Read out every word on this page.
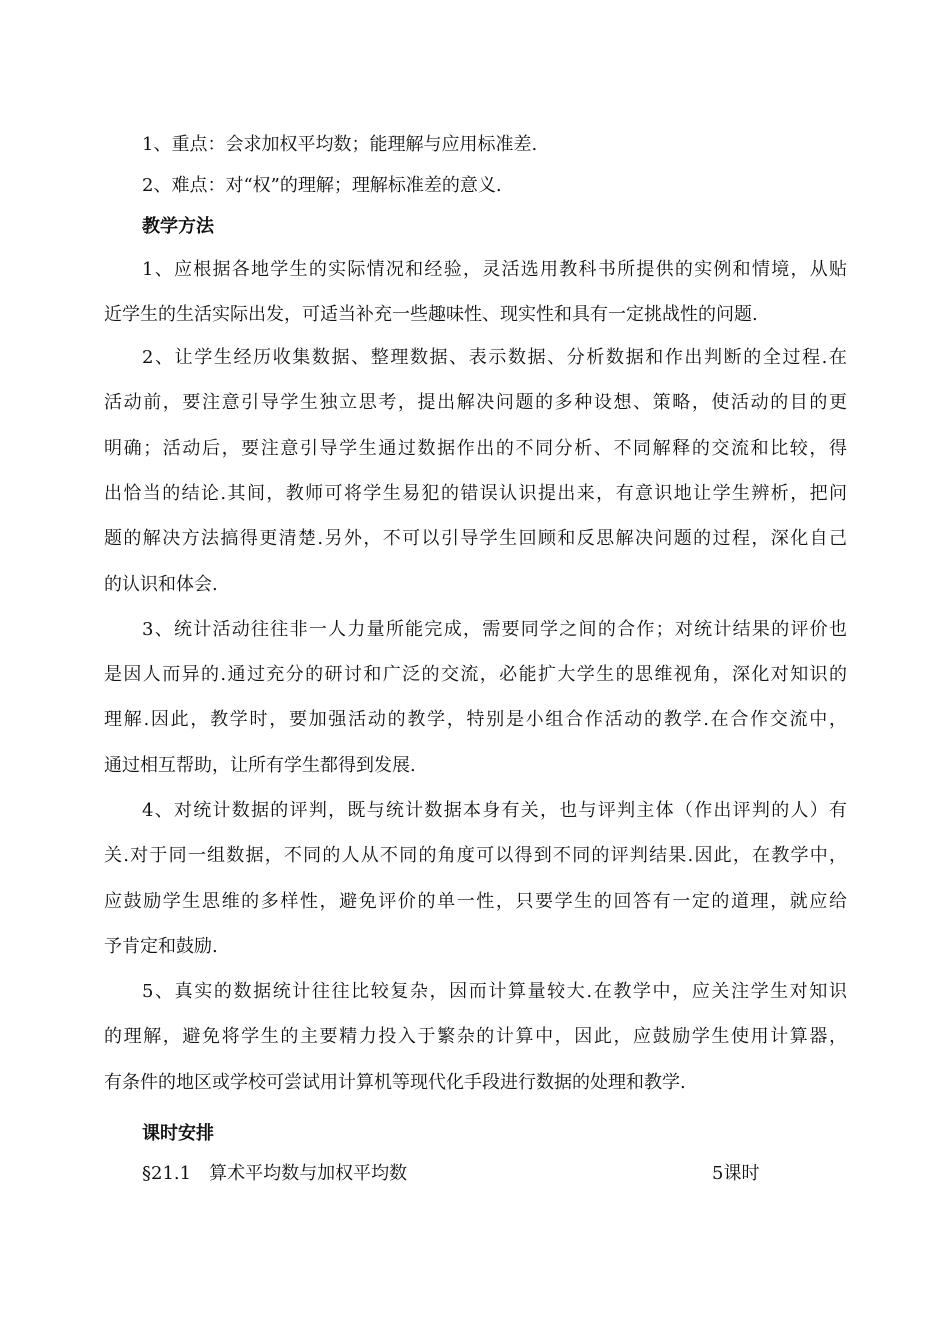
1、重点：会求加权平均数；能理解与应用标准差.
2、难点：对“权”的理解；理解标准差的意义.
教学方法
1、应根据各地学生的实际情况和经验，灵活选用教科书所提供的实例和情境，从贴
近学生的生活实际出发，可适当补充一些趣味性、现实性和具有一定挑战性的问题.
2、让学生经历收集数据、整理数据、表示数据、分析数据和作出判断的全过程.在
活动前，要注意引导学生独立思考，提出解决问题的多种设想、策略，使活动的目的更
明确；活动后，要注意引导学生通过数据作出的不同分析、不同解释的交流和比较，得
出恰当的结论.其间，教师可将学生易犯的错误认识提出来，有意识地让学生辨析，把问
题的解决方法搞得更清楚.另外，不可以引导学生回顾和反思解决问题的过程，深化自己
的认识和体会.
3、统计活动往往非一人力量所能完成，需要同学之间的合作；对统计结果的评价也
是因人而异的.通过充分的研讨和广泛的交流，必能扩大学生的思维视角，深化对知识的
理解.因此，教学时，要加强活动的教学，特别是小组合作活动的教学.在合作交流中，
通过相互帮助，让所有学生都得到发展.
4、对统计数据的评判，既与统计数据本身有关，也与评判主体（作出评判的人）有
关.对于同一组数据，不同的人从不同的角度可以得到不同的评判结果.因此，在教学中，
应鼓励学生思维的多样性，避免评价的单一性，只要学生的回答有一定的道理，就应给
予肯定和鼓励.
5、真实的数据统计往往比较复杂，因而计算量较大.在教学中，应关注学生对知识
的理解，避免将学生的主要精力投入于繁杂的计算中，因此，应鼓励学生使用计算器，
有条件的地区或学校可尝试用计算机等现代化手段进行数据的处理和教学.
课时安排
§21.1　算术平均数与加权平均数	5课时
